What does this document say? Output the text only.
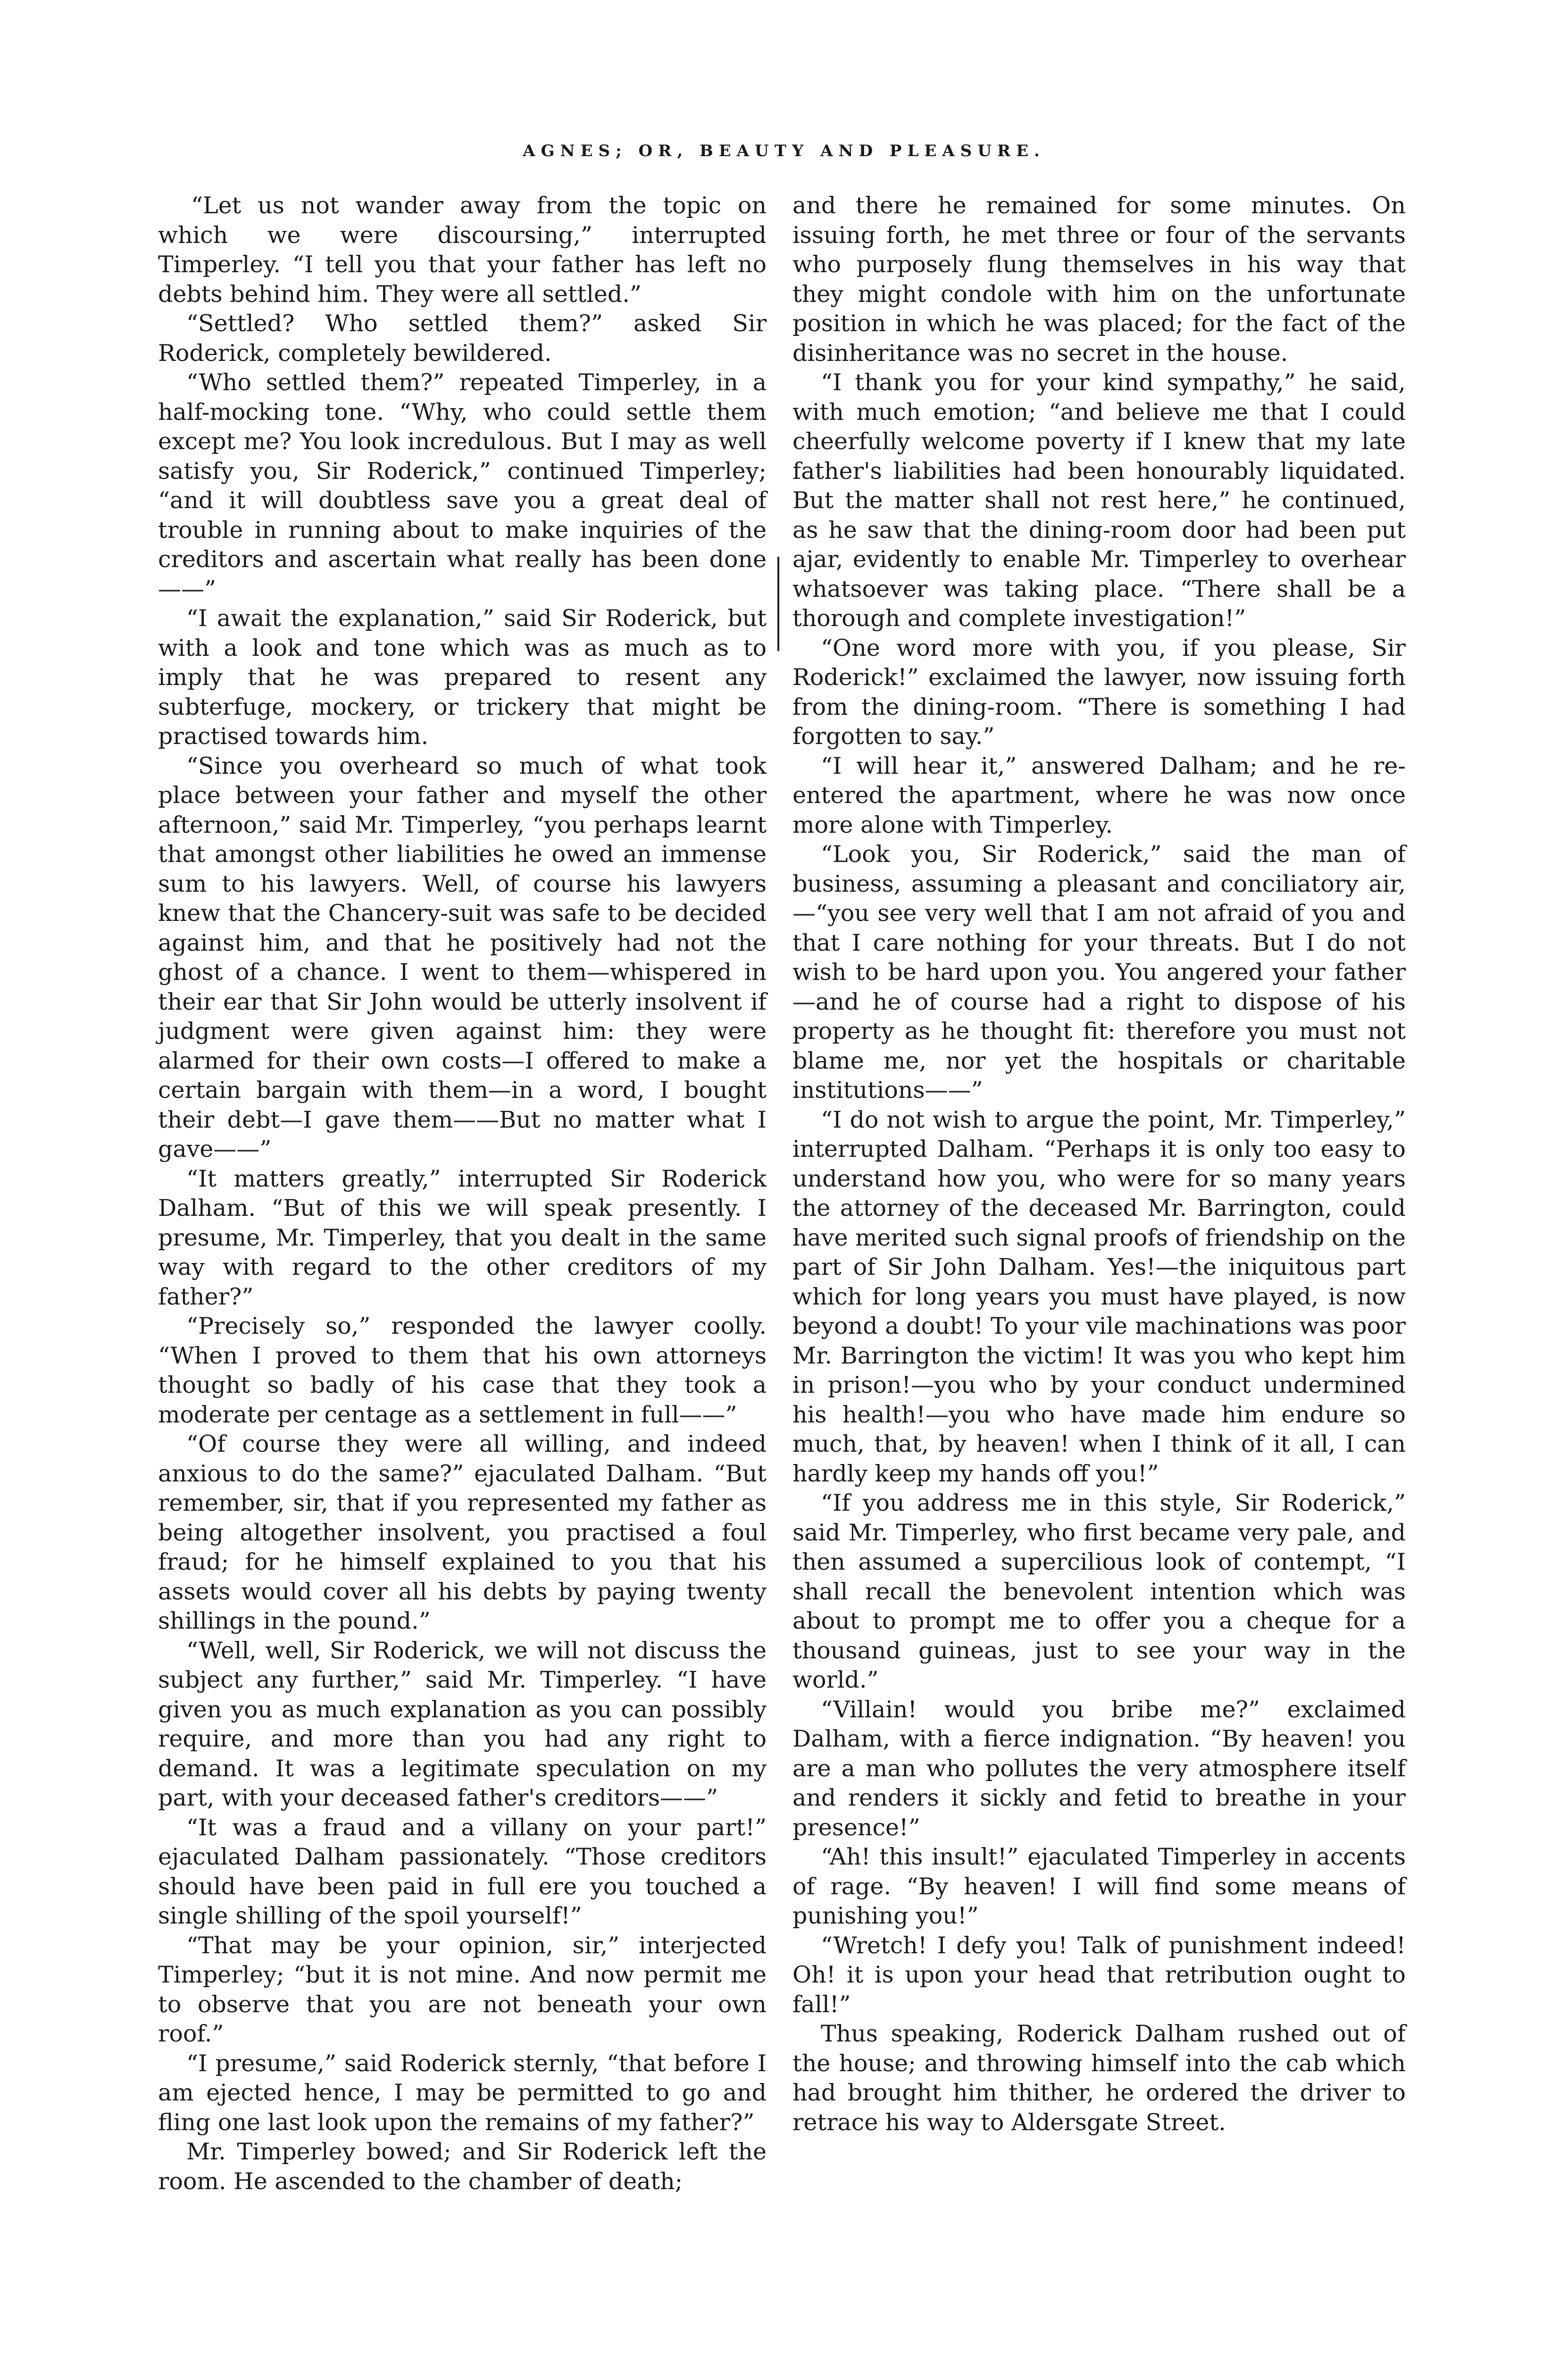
AGNES; OR, BEAUTY AND PLEASURE.

“Let us not wander away from the topic on which we were discoursing,” interrupted Timperley. “I tell you that your father has left no debts behind him. They were all settled.”

“Settled? Who settled them?” asked Sir Roderick, completely bewildered.

“Who settled them?” repeated Timperley, in a half-mocking tone. “Why, who could settle them except me? You look incredulous. But I may as well satisfy you, Sir Roderick,” continued Timperley; “and it will doubtless save you a great deal of trouble in running about to make inquiries of the creditors and ascertain what really has been done——”

“I await the explanation,” said Sir Roderick, but with a look and tone which was as much as to imply that he was prepared to resent any subterfuge, mockery, or trickery that might be practised towards him.

“Since you overheard so much of what took place between your father and myself the other afternoon,” said Mr. Timperley, “you perhaps learnt that amongst other liabilities he owed an immense sum to his lawyers. Well, of course his lawyers knew that the Chancery-suit was safe to be decided against him, and that he positively had not the ghost of a chance. I went to them—whispered in their ear that Sir John would be utterly insolvent if judgment were given against him: they were alarmed for their own costs—I offered to make a certain bargain with them—in a word, I bought their debt—I gave them——But no matter what I gave——”

“It matters greatly,” interrupted Sir Roderick Dalham. “But of this we will speak presently. I presume, Mr. Timperley, that you dealt in the same way with regard to the other creditors of my father?”

“Precisely so,” responded the lawyer coolly. “When I proved to them that his own attorneys thought so badly of his case that they took a moderate per centage as a settlement in full——”

“Of course they were all willing, and indeed anxious to do the same?” ejaculated Dalham. “But remember, sir, that if you represented my father as being altogether insolvent, you practised a foul fraud; for he himself explained to you that his assets would cover all his debts by paying twenty shillings in the pound.”

“Well, well, Sir Roderick, we will not discuss the subject any further,” said Mr. Timperley. “I have given you as much explanation as you can possibly require, and more than you had any right to demand. It was a legitimate speculation on my part, with your deceased father's creditors——”

“It was a fraud and a villany on your part!” ejaculated Dalham passionately. “Those creditors should have been paid in full ere you touched a single shilling of the spoil yourself!”

“That may be your opinion, sir,” interjected Timperley; “but it is not mine. And now permit me to observe that you are not beneath your own roof.”

“I presume,” said Roderick sternly, “that before I am ejected hence, I may be permitted to go and fling one last look upon the remains of my father?”

Mr. Timperley bowed; and Sir Roderick left the room. He ascended to the chamber of death;

and there he remained for some minutes. On issuing forth, he met three or four of the servants who purposely flung themselves in his way that they might condole with him on the unfortunate position in which he was placed; for the fact of the disinheritance was no secret in the house.

“I thank you for your kind sympathy,” he said, with much emotion; “and believe me that I could cheerfully welcome poverty if I knew that my late father's liabilities had been honourably liquidated. But the matter shall not rest here,” he continued, as he saw that the dining-room door had been put ajar, evidently to enable Mr. Timperley to overhear whatsoever was taking place. “There shall be a thorough and complete investigation!”

“One word more with you, if you please, Sir Roderick!” exclaimed the lawyer, now issuing forth from the dining-room. “There is something I had forgotten to say.”

“I will hear it,” answered Dalham; and he re-entered the apartment, where he was now once more alone with Timperley.

“Look you, Sir Roderick,” said the man of business, assuming a pleasant and conciliatory air, —“you see very well that I am not afraid of you and that I care nothing for your threats. But I do not wish to be hard upon you. You angered your father—and he of course had a right to dispose of his property as he thought fit: therefore you must not blame me, nor yet the hospitals or charitable institutions——”

“I do not wish to argue the point, Mr. Timperley,” interrupted Dalham. “Perhaps it is only too easy to understand how you, who were for so many years the attorney of the deceased Mr. Barrington, could have merited such signal proofs of friendship on the part of Sir John Dalham. Yes!—the iniquitous part which for long years you must have played, is now beyond a doubt! To your vile machinations was poor Mr. Barrington the victim! It was you who kept him in prison!—you who by your conduct undermined his health!—you who have made him endure so much, that, by heaven! when I think of it all, I can hardly keep my hands off you!”

“If you address me in this style, Sir Roderick,” said Mr. Timperley, who first became very pale, and then assumed a supercilious look of contempt, “I shall recall the benevolent intention which was about to prompt me to offer you a cheque for a thousand guineas, just to see your way in the world.”

“Villain! would you bribe me?” exclaimed Dalham, with a fierce indignation. “By heaven! you are a man who pollutes the very atmosphere itself and renders it sickly and fetid to breathe in your presence!”

“Ah! this insult!” ejaculated Timperley in accents of rage. “By heaven! I will find some means of punishing you!”

“Wretch! I defy you! Talk of punishment indeed! Oh! it is upon your head that retribution ought to fall!”

Thus speaking, Roderick Dalham rushed out of the house; and throwing himself into the cab which had brought him thither, he ordered the driver to retrace his way to Aldersgate Street.
